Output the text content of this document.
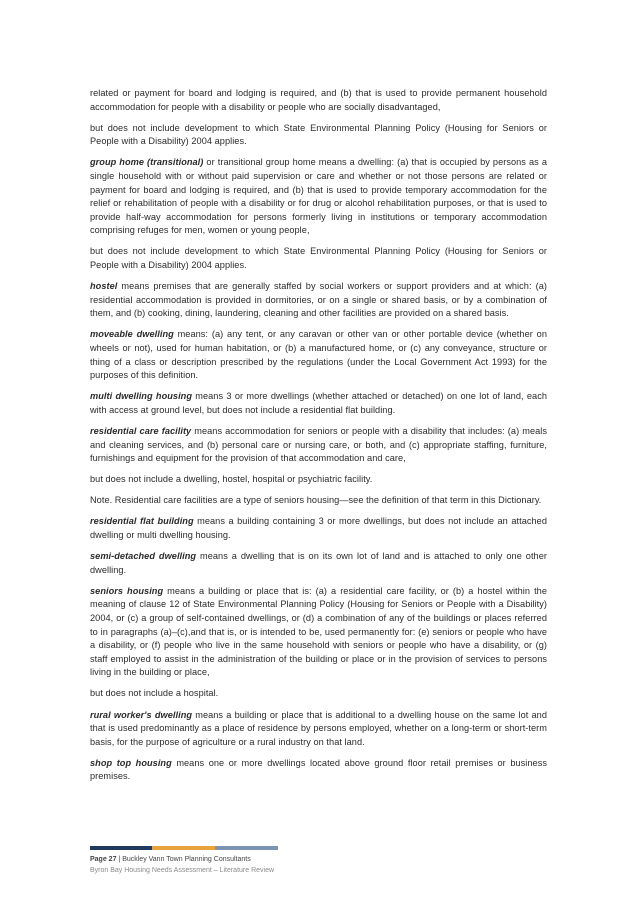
related or payment for board and lodging is required, and (b) that is used to provide permanent household accommodation for people with a disability or people who are socially disadvantaged,

but does not include development to which State Environmental Planning Policy (Housing for Seniors or People with a Disability) 2004 applies.

group home (transitional) or transitional group home means a dwelling: (a) that is occupied by persons as a single household with or without paid supervision or care and whether or not those persons are related or payment for board and lodging is required, and (b) that is used to provide temporary accommodation for the relief or rehabilitation of people with a disability or for drug or alcohol rehabilitation purposes, or that is used to provide half-way accommodation for persons formerly living in institutions or temporary accommodation comprising refuges for men, women or young people,

but does not include development to which State Environmental Planning Policy (Housing for Seniors or People with a Disability) 2004 applies.

hostel means premises that are generally staffed by social workers or support providers and at which: (a) residential accommodation is provided in dormitories, or on a single or shared basis, or by a combination of them, and (b) cooking, dining, laundering, cleaning and other facilities are provided on a shared basis.

moveable dwelling means: (a) any tent, or any caravan or other van or other portable device (whether on wheels or not), used for human habitation, or (b) a manufactured home, or (c) any conveyance, structure or thing of a class or description prescribed by the regulations (under the Local Government Act 1993) for the purposes of this definition.

multi dwelling housing means 3 or more dwellings (whether attached or detached) on one lot of land, each with access at ground level, but does not include a residential flat building.

residential care facility means accommodation for seniors or people with a disability that includes: (a) meals and cleaning services, and (b) personal care or nursing care, or both, and (c) appropriate staffing, furniture, furnishings and equipment for the provision of that accommodation and care,

but does not include a dwelling, hostel, hospital or psychiatric facility.

Note. Residential care facilities are a type of seniors housing—see the definition of that term in this Dictionary.

residential flat building means a building containing 3 or more dwellings, but does not include an attached dwelling or multi dwelling housing.

semi-detached dwelling means a dwelling that is on its own lot of land and is attached to only one other dwelling.

seniors housing means a building or place that is: (a) a residential care facility, or (b) a hostel within the meaning of clause 12 of State Environmental Planning Policy (Housing for Seniors or People with a Disability) 2004, or (c) a group of self-contained dwellings, or (d) a combination of any of the buildings or places referred to in paragraphs (a)–(c),and that is, or is intended to be, used permanently for: (e) seniors or people who have a disability, or (f) people who live in the same household with seniors or people who have a disability, or (g) staff employed to assist in the administration of the building or place or in the provision of services to persons living in the building or place,

but does not include a hospital.

rural worker's dwelling means a building or place that is additional to a dwelling house on the same lot and that is used predominantly as a place of residence by persons employed, whether on a long-term or short-term basis, for the purpose of agriculture or a rural industry on that land.

shop top housing means one or more dwellings located above ground floor retail premises or business premises.

Page 27 | Buckley Vann Town Planning Consultants
Byron Bay Housing Needs Assessment – Literature Review
